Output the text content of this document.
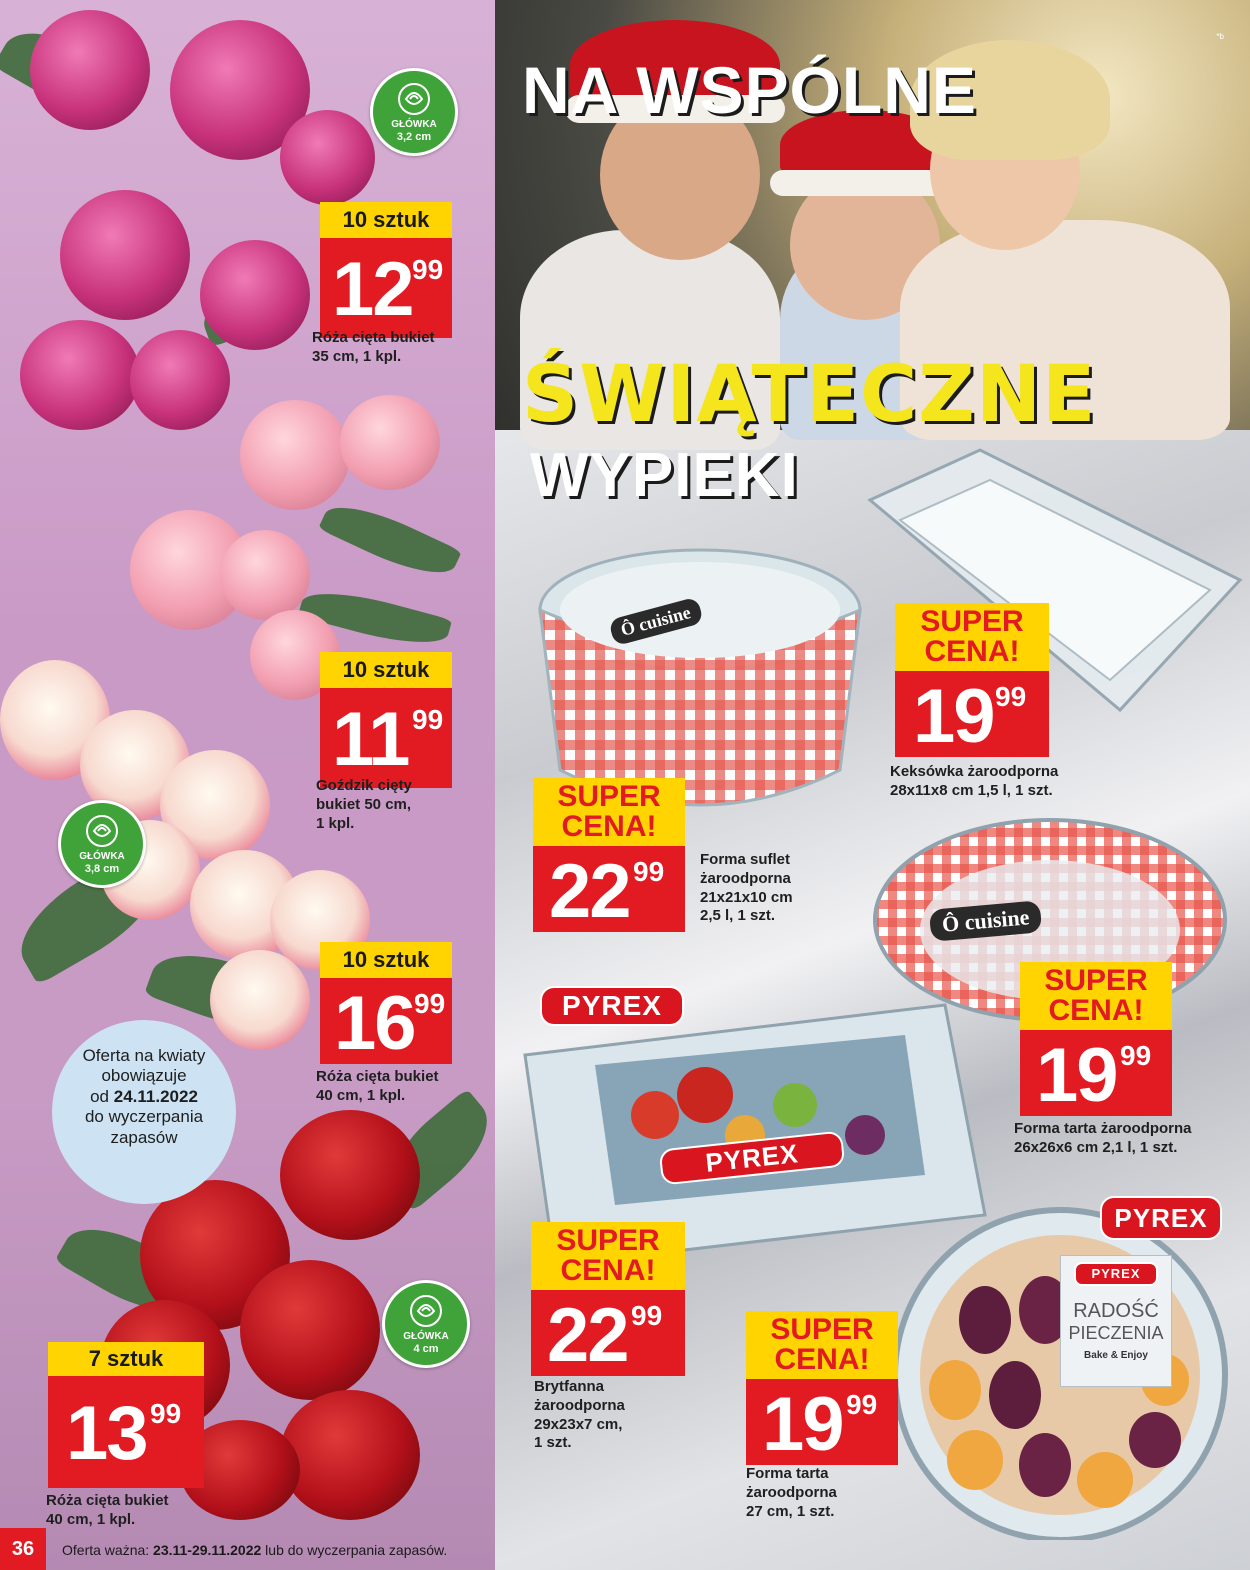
NA WSPÓLNE
ŚWIĄTECZNE
WYPIEKI
*b
Ô cuisine
Ô cuisine
PYREX
PYREX
PYREX
PYREX
RADOŚĆ
PIECZENIA
Bake & Enjoy
GŁÓWKA
3,2 cm
GŁÓWKA
3,8 cm
GŁÓWKA
4 cm
10 sztuk
12 99
Róża cięta bukiet
35 cm, 1 kpl.
10 sztuk
11 99
Goździk cięty
bukiet 50 cm,
1 kpl.
10 sztuk
16 99
Róża cięta bukiet
40 cm, 1 kpl.
7 sztuk
13 99
Róża cięta bukiet
40 cm, 1 kpl.
Oferta na kwiaty
obowiązuje
od 24.11.2022
do wyczerpania
zapasów
SUPER
CENA!
19 99
Keksówka żaroodporna
28x11x8 cm 1,5 l, 1 szt.
SUPER
CENA!
22 99 Forma suflet
żaroodporna
21x21x10 cm
2,5 l, 1 szt.
SUPER
CENA!
19 99
Forma tarta żaroodporna
26x26x6 cm 2,1 l, 1 szt.
SUPER
CENA!
22 99
Brytfanna
żaroodporna
29x23x7 cm,
1 szt.
SUPER
CENA!
19 99
Forma tarta
żaroodporna
27 cm, 1 szt.
36	Oferta ważna: 23.11-29.11.2022 lub do wyczerpania zapasów.
